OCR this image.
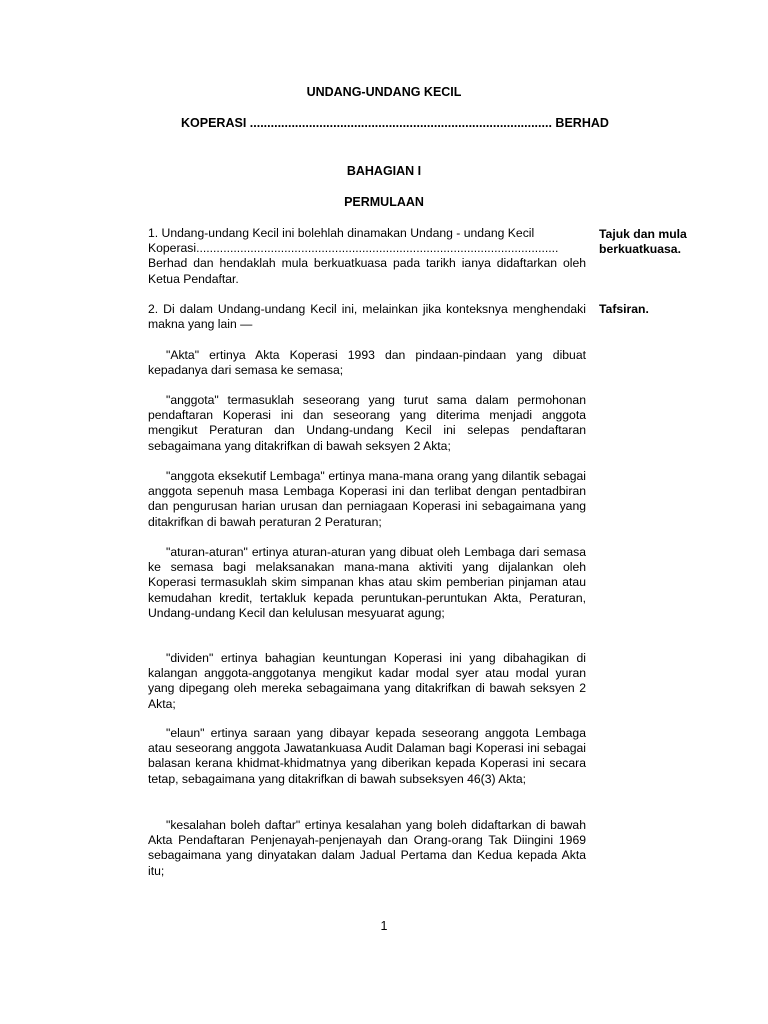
UNDANG-UNDANG KECIL
KOPERASI ....................................................................................... BERHAD
BAHAGIAN I
PERMULAAN

1. Undang-undang Kecil ini bolehlah dinamakan Undang - undang Kecil

Koperasi...........................................................................................................

Berhad dan hendaklah mula berkuatkuasa pada tarikh ianya didaftarkan oleh Ketua Pendaftar.

Tajuk dan mula berkuatkuasa.

2. Di dalam Undang-undang Kecil ini, melainkan jika konteksnya menghendaki makna yang lain —

Tafsiran.

"Akta" ertinya Akta Koperasi 1993 dan pindaan-pindaan yang dibuat kepadanya dari semasa ke semasa;

"anggota" termasuklah seseorang yang turut sama dalam permohonan pendaftaran Koperasi ini dan seseorang yang diterima menjadi anggota mengikut Peraturan dan Undang-undang Kecil ini selepas pendaftaran sebagaimana yang ditakrifkan di bawah seksyen 2 Akta;

"anggota eksekutif Lembaga" ertinya mana-mana orang yang dilantik sebagai anggota sepenuh masa Lembaga Koperasi ini dan terlibat dengan pentadbiran dan pengurusan harian urusan dan perniagaan Koperasi ini sebagaimana yang ditakrifkan di bawah peraturan 2 Peraturan;

"aturan-aturan" ertinya aturan-aturan yang dibuat oleh Lembaga dari semasa ke semasa bagi melaksanakan mana-mana aktiviti yang dijalankan oleh Koperasi termasuklah skim simpanan khas atau skim pemberian pinjaman atau kemudahan kredit, tertakluk kepada peruntukan-peruntukan Akta, Peraturan, Undang-undang Kecil dan kelulusan mesyuarat agung;

"dividen" ertinya bahagian keuntungan Koperasi ini yang dibahagikan di kalangan anggota-anggotanya mengikut kadar modal syer atau modal yuran yang dipegang oleh mereka sebagaimana yang ditakrifkan di bawah seksyen 2 Akta;

"elaun" ertinya saraan yang dibayar kepada seseorang anggota Lembaga atau seseorang anggota Jawatankuasa Audit Dalaman bagi Koperasi ini sebagai balasan kerana khidmat-khidmatnya yang diberikan kepada Koperasi ini secara tetap, sebagaimana yang ditakrifkan di bawah subseksyen 46(3) Akta;

"kesalahan boleh daftar" ertinya kesalahan yang boleh didaftarkan di bawah Akta Pendaftaran Penjenayah-penjenayah dan Orang-orang Tak Diingini 1969 sebagaimana yang dinyatakan dalam Jadual Pertama dan Kedua kepada Akta itu;

1
